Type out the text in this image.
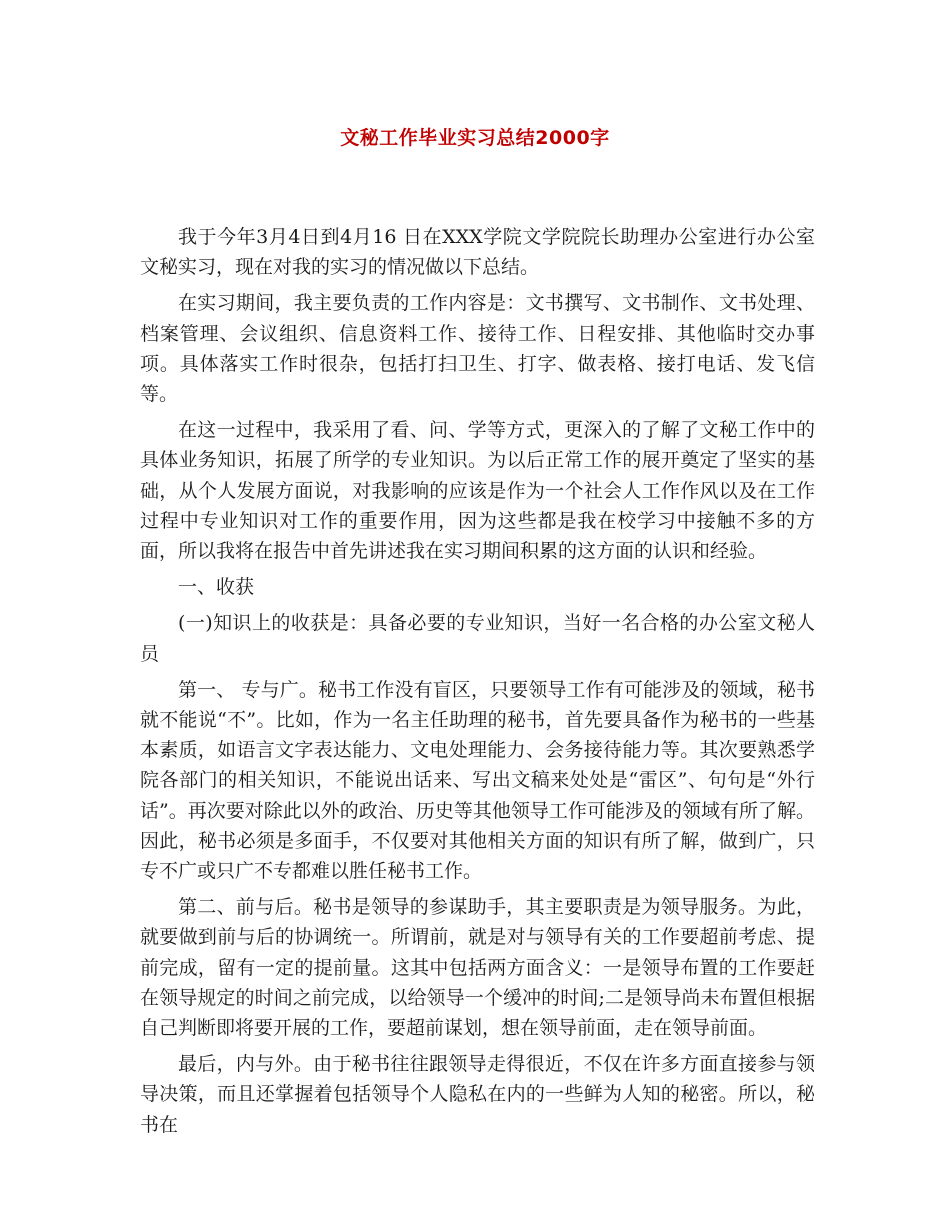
文秘工作毕业实习总结2000字

我于今年3月4日到4月16 日在XXX学院文学院院长助理办公室进行办公室文秘实习，现在对我的实习的情况做以下总结。

在实习期间，我主要负责的工作内容是：文书撰写、文书制作、文书处理、档案管理、会议组织、信息资料工作、接待工作、日程安排、其他临时交办事项。具体落实工作时很杂，包括打扫卫生、打字、做表格、接打电话、发飞信等。

在这一过程中，我采用了看、问、学等方式，更深入的了解了文秘工作中的具体业务知识，拓展了所学的专业知识。为以后正常工作的展开奠定了坚实的基础，从个人发展方面说，对我影响的应该是作为一个社会人工作作风以及在工作过程中专业知识对工作的重要作用，因为这些都是我在校学习中接触不多的方面，所以我将在报告中首先讲述我在实习期间积累的这方面的认识和经验。

一、收获

(一)知识上的收获是：具备必要的专业知识，当好一名合格的办公室文秘人员

第一、 专与广。秘书工作没有盲区，只要领导工作有可能涉及的领域，秘书就不能说“不”。比如，作为一名主任助理的秘书，首先要具备作为秘书的一些基本素质，如语言文字表达能力、文电处理能力、会务接待能力等。其次要熟悉学院各部门的相关知识，不能说出话来、写出文稿来处处是“雷区”、句句是“外行话”。再次要对除此以外的政治、历史等其他领导工作可能涉及的领域有所了解。因此，秘书必须是多面手，不仅要对其他相关方面的知识有所了解，做到广，只专不广或只广不专都难以胜任秘书工作。

第二、前与后。秘书是领导的参谋助手，其主要职责是为领导服务。为此，就要做到前与后的协调统一。所谓前，就是对与领导有关的工作要超前考虑、提前完成，留有一定的提前量。这其中包括两方面含义：一是领导布置的工作要赶在领导规定的时间之前完成，以给领导一个缓冲的时间;二是领导尚未布置但根据自己判断即将要开展的工作，要超前谋划，想在领导前面，走在领导前面。

最后，内与外。由于秘书往往跟领导走得很近，不仅在许多方面直接参与领导决策，而且还掌握着包括领导个人隐私在内的一些鲜为人知的秘密。所以，秘书在
